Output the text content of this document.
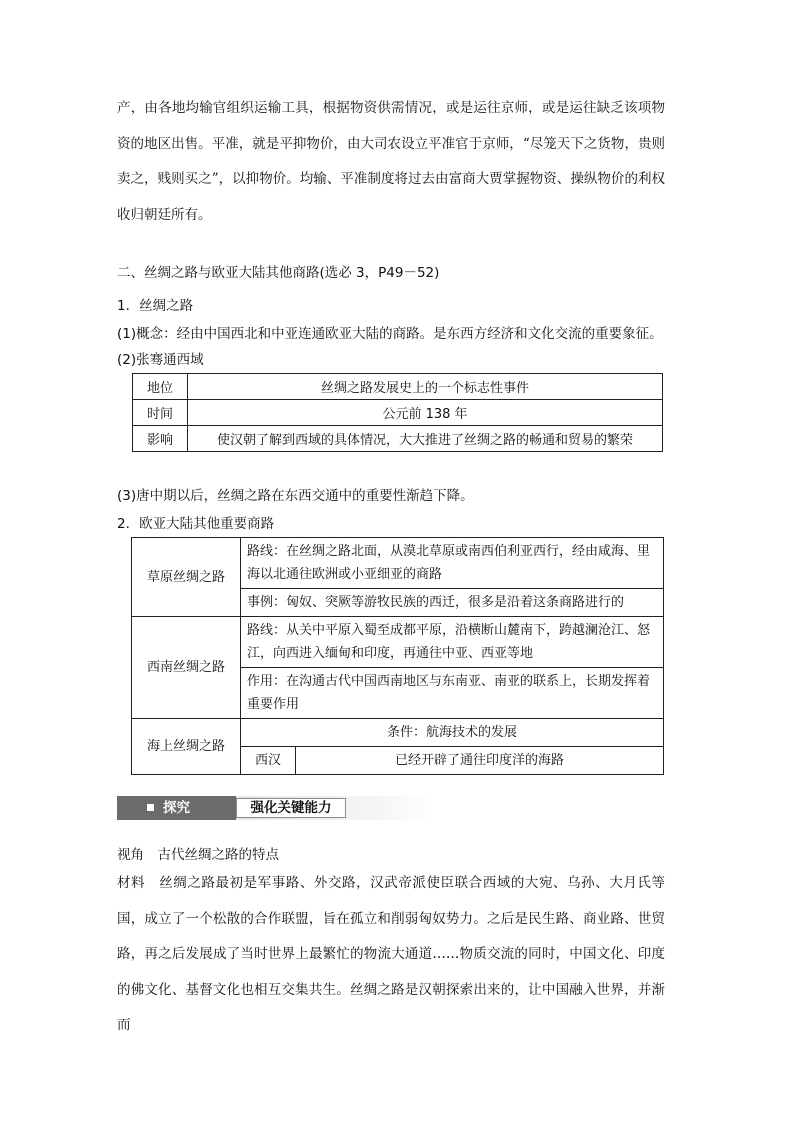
产，由各地均输官组织运输工具，根据物资供需情况，或是运往京师，或是运往缺乏该项物资的地区出售。平准，就是平抑物价，由大司农设立平准官于京师，“尽笼天下之货物，贵则卖之，贱则买之”，以抑物价。均输、平准制度将过去由富商大贾掌握物资、操纵物价的利权收归朝廷所有。

二、丝绸之路与欧亚大陆其他商路(选必 3，P49－52)
1．丝绸之路
(1)概念：经由中国西北和中亚连通欧亚大陆的商路。是东西方经济和文化交流的重要象征。
(2)张骞通西域
地位	丝绸之路发展史上的一个标志性事件
时间	公元前 138 年
影响	使汉朝了解到西域的具体情况，大大推进了丝绸之路的畅通和贸易的繁荣
(3)唐中期以后，丝绸之路在东西交通中的重要性渐趋下降。
2．欧亚大陆其他重要商路
草原丝绸之路	路线：在丝绸之路北面，从漠北草原或南西伯利亚西行，经由咸海、里海以北通往欧洲或小亚细亚的商路	
	事例：匈奴、突厥等游牧民族的西迁，很多是沿着这条商路进行的	
西南丝绸之路	路线：从关中平原入蜀至成都平原，沿横断山麓南下，跨越澜沧江、怒江，向西进入缅甸和印度，再通往中亚、西亚等地	
	作用：在沟通古代中国西南地区与东南亚、南亚的联系上，长期发挥着重要作用	
海上丝绸之路	条件：航海技术的发展	
	西汉	已经开辟了通往印度洋的海路
探究	强化关键能力
视角　古代丝绸之路的特点

材料　丝绸之路最初是军事路、外交路，汉武帝派使臣联合西域的大宛、乌孙、大月氏等国，成立了一个松散的合作联盟，旨在孤立和削弱匈奴势力。之后是民生路、商业路、世贸路，再之后发展成了当时世界上最繁忙的物流大通道……物质交流的同时，中国文化、印度的佛文化、基督文化也相互交集共生。丝绸之路是汉朝探索出来的，让中国融入世界，并渐而
